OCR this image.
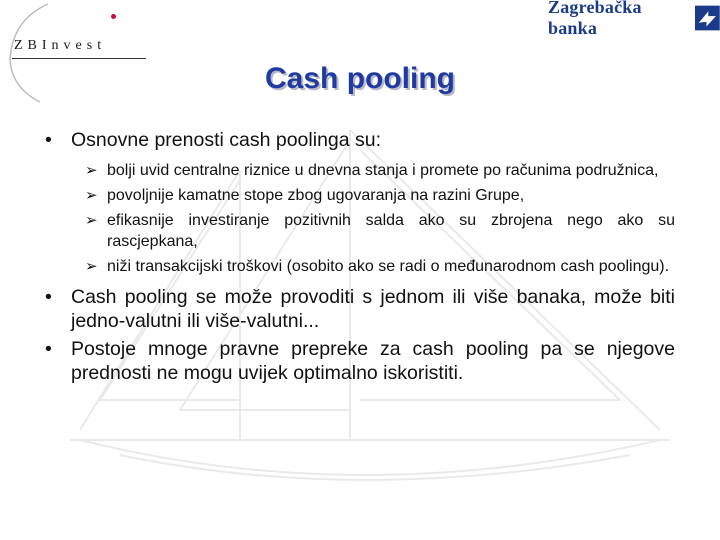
ZBInvest
Zagrebačka banka
Cash pooling
• Osnovne prenosti cash poolinga su:
➢ bolji uvid centralne riznice u dnevna stanja i promete po računima podružnica,
➢ povoljnije kamatne stope zbog ugovaranja na razini Grupe,
➢ efikasnije investiranje pozitivnih salda ako su zbrojena nego ako su rascjepkana,
➢ niži transakcijski troškovi (osobito ako se radi o međunarodnom cash poolingu).
• Cash pooling se može provoditi s jednom ili više banaka, može biti jedno-valutni ili više-valutni...
• Postoje mnoge pravne prepreke za cash pooling pa se njegove prednosti ne mogu uvijek optimalno iskoristiti.
